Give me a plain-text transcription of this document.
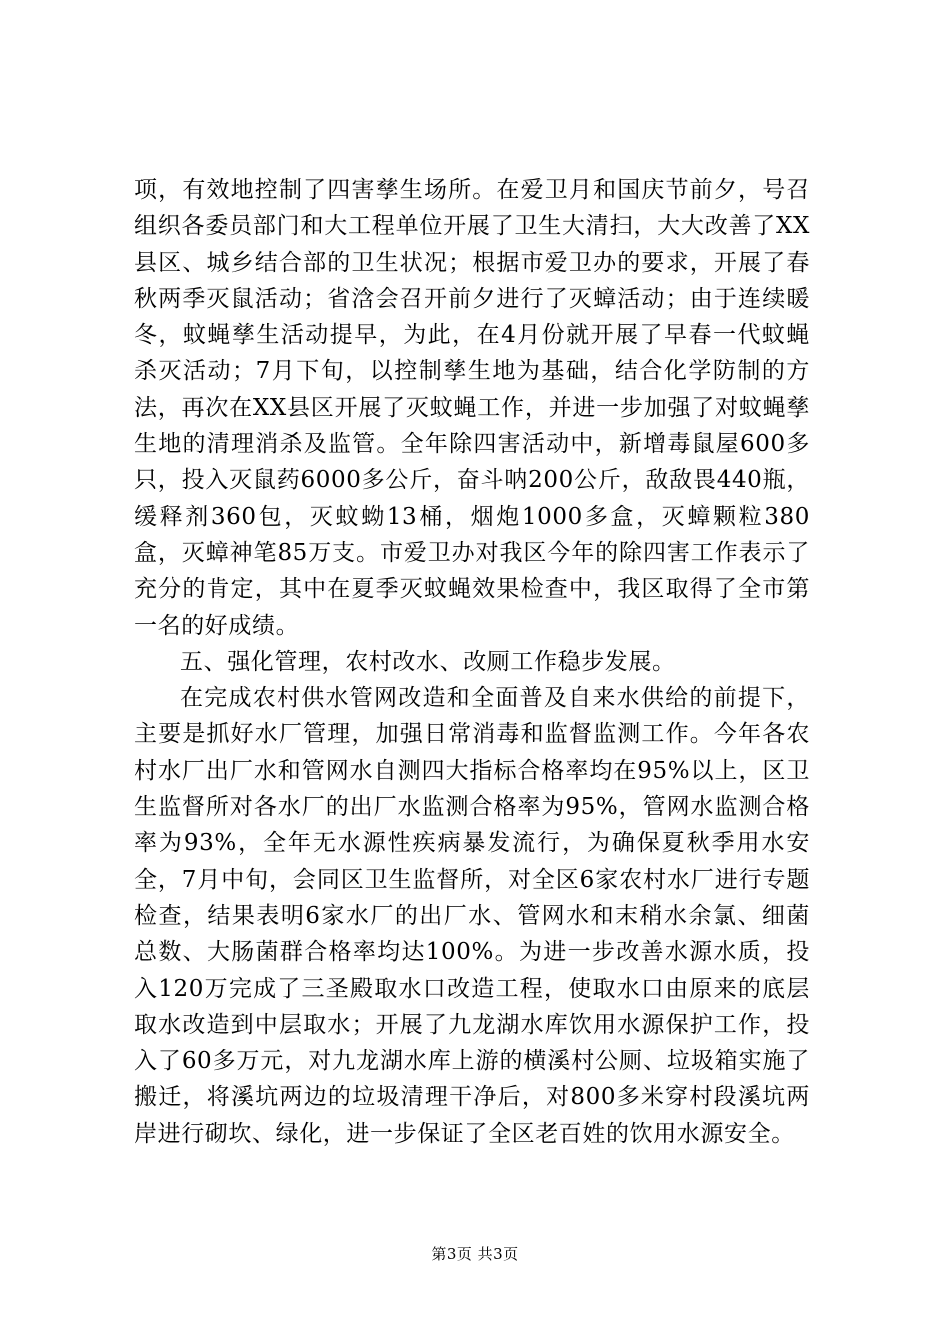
项，有效地控制了四害孳生场所。在爱卫月和国庆节前夕，号召组织各委员部门和大工程单位开展了卫生大清扫，大大改善了XX县区、城乡结合部的卫生状况；根据市爱卫办的要求，开展了春秋两季灭鼠活动；省浛会召开前夕进行了灭蟑活动；由于连续暖冬，蚊蝇孳生活动提早，为此，在4月份就开展了早春一代蚊蝇杀灭活动；7月下旬，以控制孳生地为基础，结合化学防制的方法，再次在XX县区开展了灭蚊蝇工作，并进一步加强了对蚊蝇孳生地的清理消杀及监管。全年除四害活动中，新增毒鼠屋600多只，投入灭鼠药6000多公斤，奋斗呐200公斤，敌敌畏440瓶，缓释剂360包，灭蚊蚴13桶，烟炮1000多盒，灭蟑颗粒380盒，灭蟑神笔85万支。市爱卫办对我区今年的除四害工作表示了充分的肯定，其中在夏季灭蚊蝇效果检查中，我区取得了全市第一名的好成绩。

五、强化管理，农村改水、改厕工作稳步发展。

在完成农村供水管网改造和全面普及自来水供给的前提下，主要是抓好水厂管理，加强日常消毒和监督监测工作。今年各农村水厂出厂水和管网水自测四大指标合格率均在95%以上，区卫生监督所对各水厂的出厂水监测合格率为95%，管网水监测合格率为93%，全年无水源性疾病暴发流行，为确保夏秋季用水安全，7月中旬，会同区卫生监督所，对全区6家农村水厂进行专题检查，结果表明6家水厂的出厂水、管网水和末稍水余氯、细菌总数、大肠菌群合格率均达100%。为进一步改善水源水质，投入120万完成了三圣殿取水口改造工程，使取水口由原来的底层取水改造到中层取水；开展了九龙湖水库饮用水源保护工作，投入了60多万元，对九龙湖水库上游的横溪村公厕、垃圾箱实施了搬迁，将溪坑两边的垃圾清理干净后，对800多米穿村段溪坑两岸进行砌坎、绿化，进一步保证了全区老百姓的饮用水源安全。

第3页 共3页
